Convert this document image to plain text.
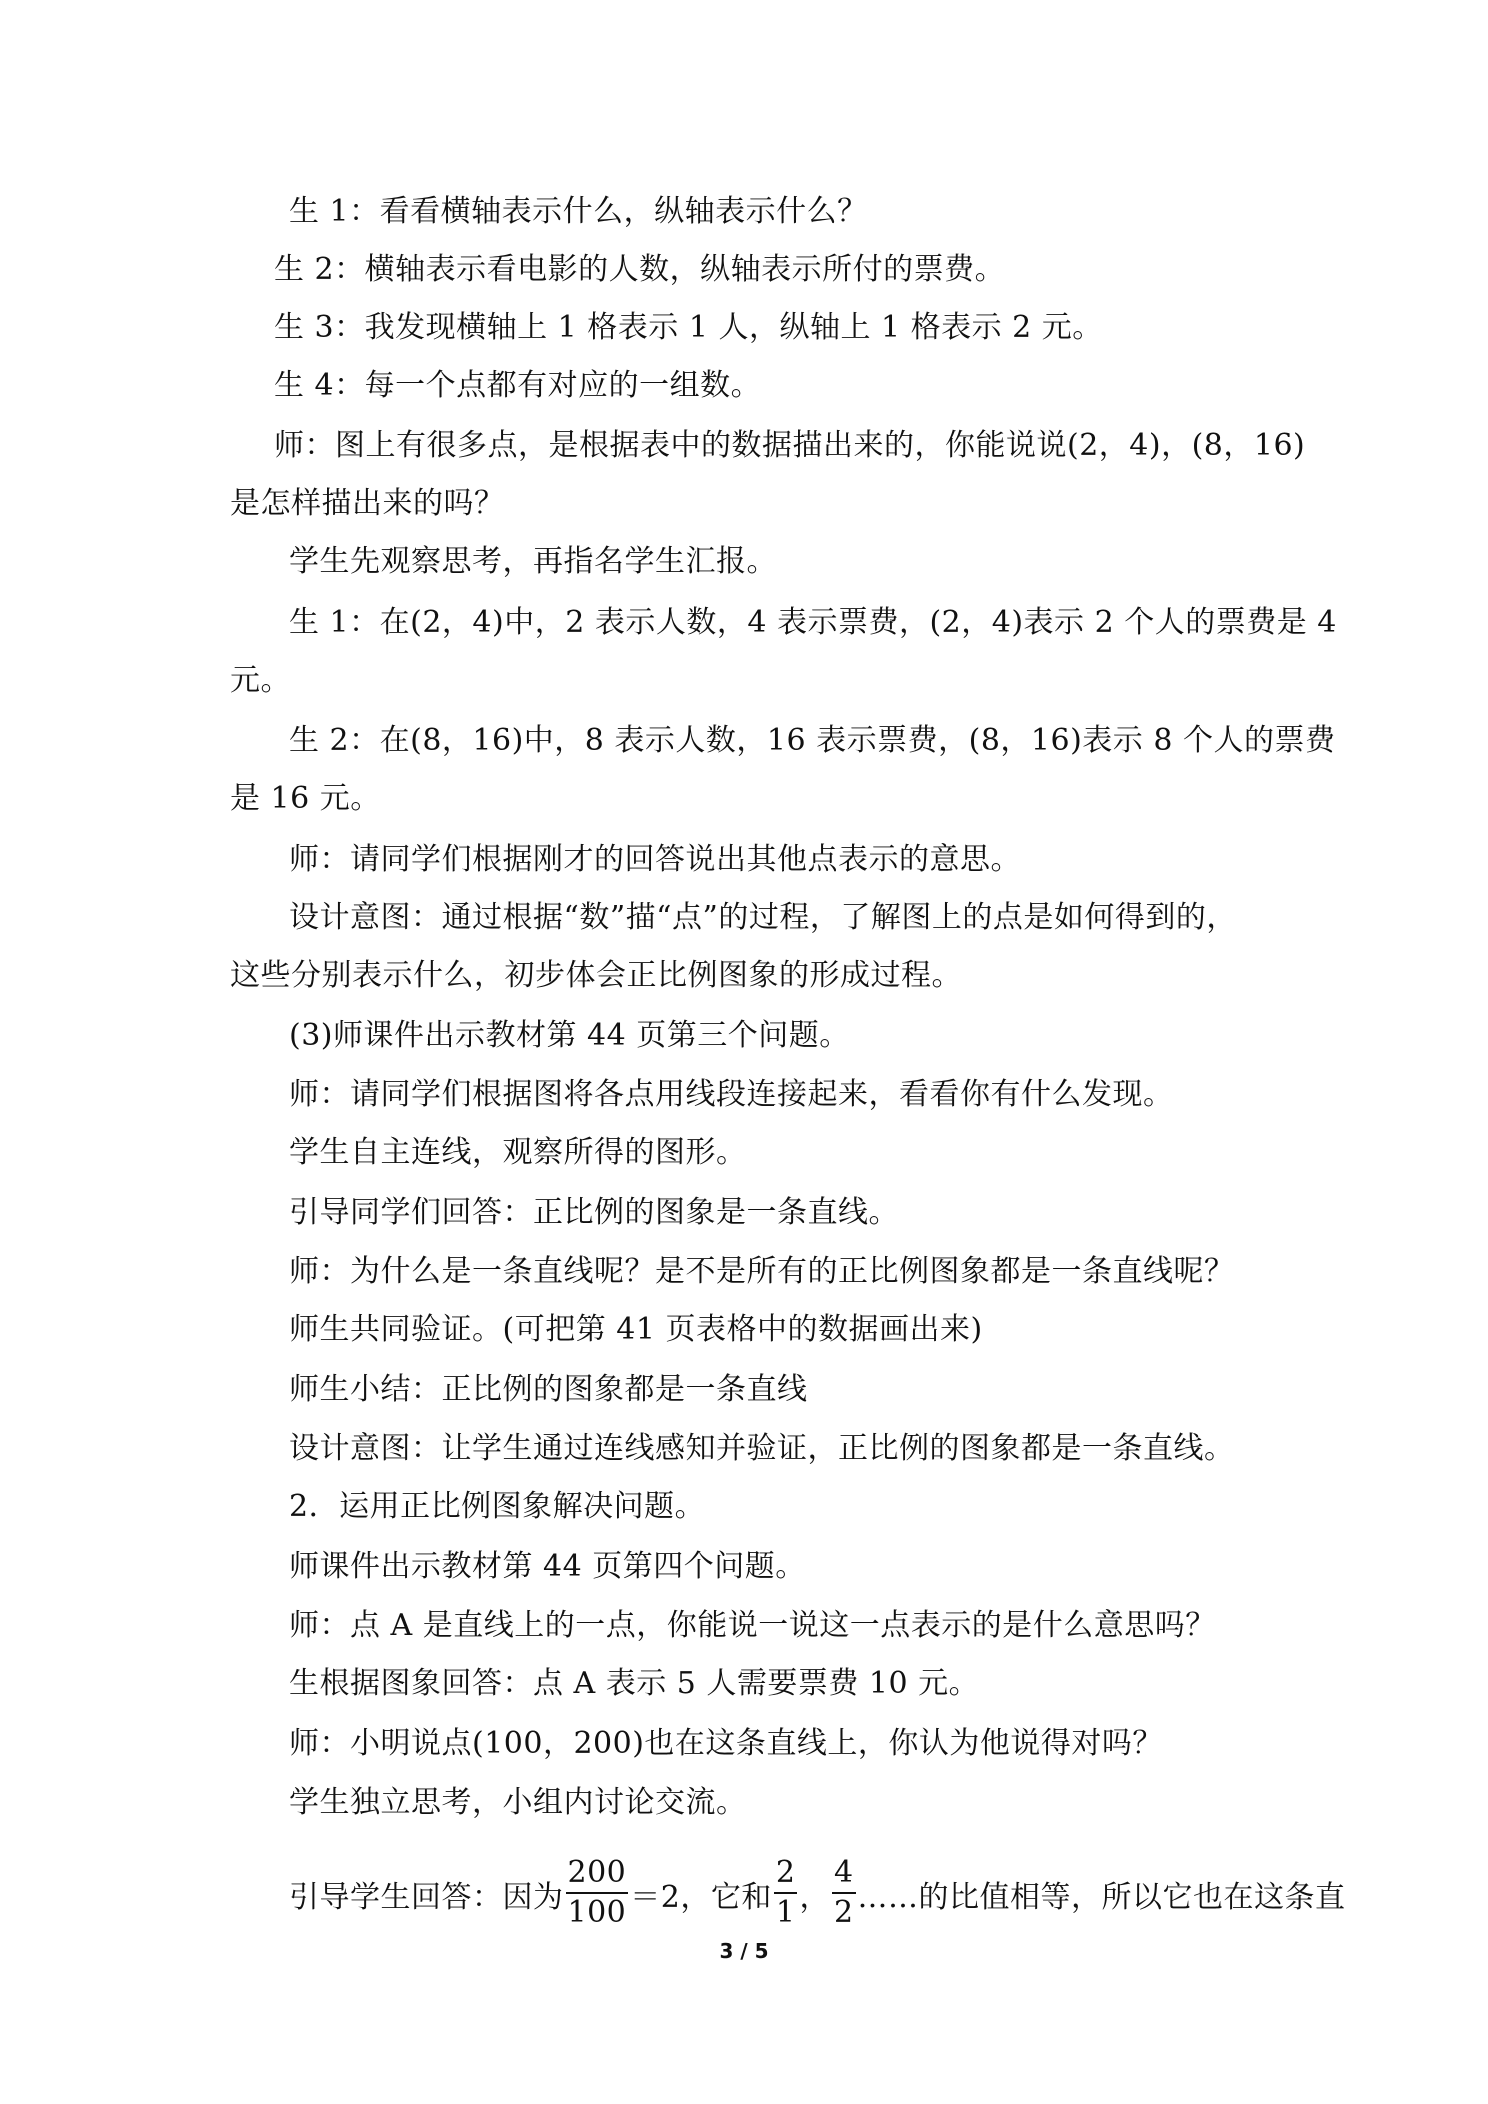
生 1：看看横轴表示什么，纵轴表示什么？
生 2：横轴表示看电影的人数，纵轴表示所付的票费。
生 3：我发现横轴上 1 格表示 1 人，纵轴上 1 格表示 2 元。
生 4：每一个点都有对应的一组数。
师：图上有很多点，是根据表中的数据描出来的，你能说说(2，4)，(8，16)
是怎样描出来的吗？
学生先观察思考，再指名学生汇报。
生 1：在(2，4)中，2 表示人数，4 表示票费，(2，4)表示 2 个人的票费是 4
元。
生 2：在(8，16)中，8 表示人数，16 表示票费，(8，16)表示 8 个人的票费
是 16 元。
师：请同学们根据刚才的回答说出其他点表示的意思。
设计意图：通过根据“数”描“点”的过程，了解图上的点是如何得到的，
这些分别表示什么，初步体会正比例图象的形成过程。
(3)师课件出示教材第 44 页第三个问题。
师：请同学们根据图将各点用线段连接起来，看看你有什么发现。
学生自主连线，观察所得的图形。
引导同学们回答：正比例的图象是一条直线。
师：为什么是一条直线呢？是不是所有的正比例图象都是一条直线呢？
师生共同验证。(可把第 41 页表格中的数据画出来)
师生小结：正比例的图象都是一条直线
设计意图：让学生通过连线感知并验证，正比例的图象都是一条直线。
2．运用正比例图象解决问题。
师课件出示教材第 44 页第四个问题。
师：点 A 是直线上的一点，你能说一说这一点表示的是什么意思吗？
生根据图象回答：点 A 表示 5 人需要票费 10 元。
师：小明说点(100，200)也在这条直线上，你认为他说得对吗？
学生独立思考，小组内讨论交流。
引导学生回答：因为 $\frac{200}{100} =2$，它和 $\frac{2}{1}$ ， $\frac{4}{2}$ ……的比值相等，所以它也在这条直
3 / 5
